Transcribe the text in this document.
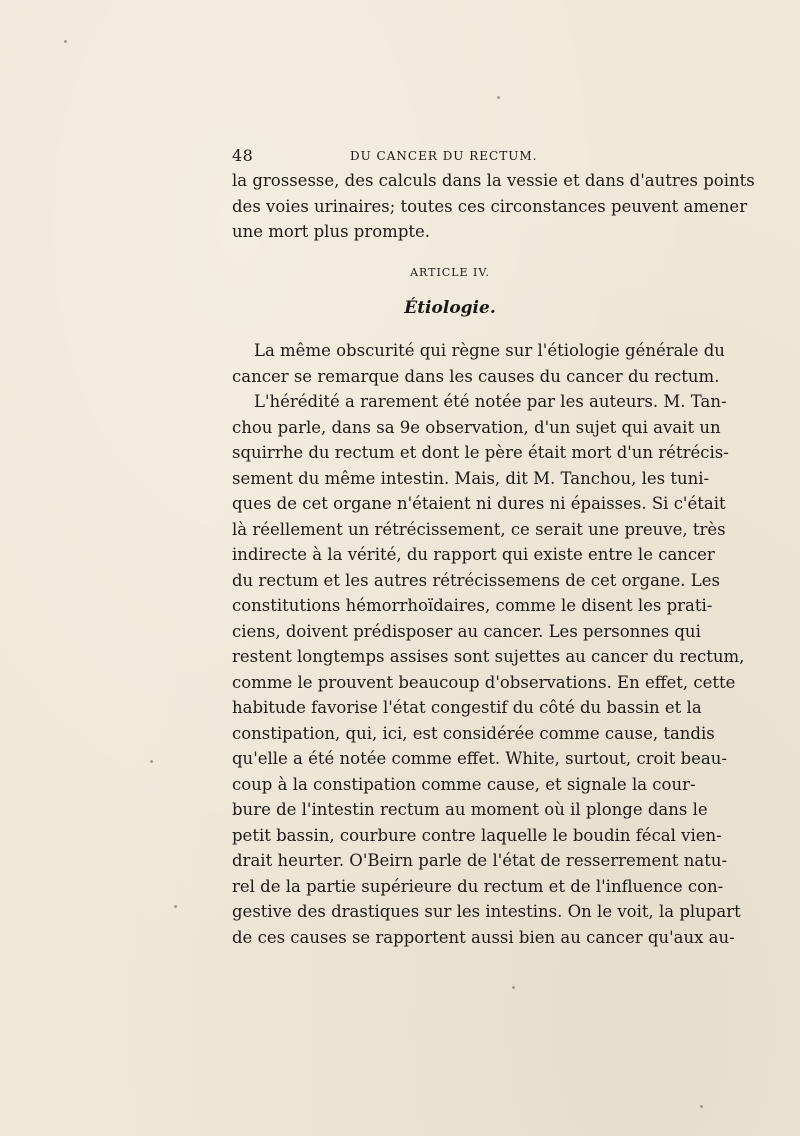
48	DU CANCER DU RECTUM.
la grossesse, des calculs dans la vessie et dans d'autres points
des voies urinaires; toutes ces circonstances peuvent amener
une mort plus prompte.
ARTICLE IV.
Étiologie.
La même obscurité qui règne sur l'étiologie générale du
cancer se remarque dans les causes du cancer du rectum.
L'hérédité a rarement été notée par les auteurs. M. Tan-
chou parle, dans sa 9e observation, d'un sujet qui avait un
squirrhe du rectum et dont le père était mort d'un rétrécis-
sement du même intestin. Mais, dit M. Tanchou, les tuni-
ques de cet organe n'étaient ni dures ni épaisses. Si c'était
là réellement un rétrécissement, ce serait une preuve, très
indirecte à la vérité, du rapport qui existe entre le cancer
du rectum et les autres rétrécissemens de cet organe. Les
constitutions hémorrhoïdaires, comme le disent les prati-
ciens, doivent prédisposer au cancer. Les personnes qui
restent longtemps assises sont sujettes au cancer du rectum,
comme le prouvent beaucoup d'observations. En effet, cette
habitude favorise l'état congestif du côté du bassin et la
constipation, qui, ici, est considérée comme cause, tandis
qu'elle a été notée comme effet. White, surtout, croit beau-
coup à la constipation comme cause, et signale la cour-
bure de l'intestin rectum au moment où il plonge dans le
petit bassin, courbure contre laquelle le boudin fécal vien-
drait heurter. O'Beirn parle de l'état de resserrement natu-
rel de la partie supérieure du rectum et de l'influence con-
gestive des drastiques sur les intestins. On le voit, la plupart
de ces causes se rapportent aussi bien au cancer qu'aux au-
